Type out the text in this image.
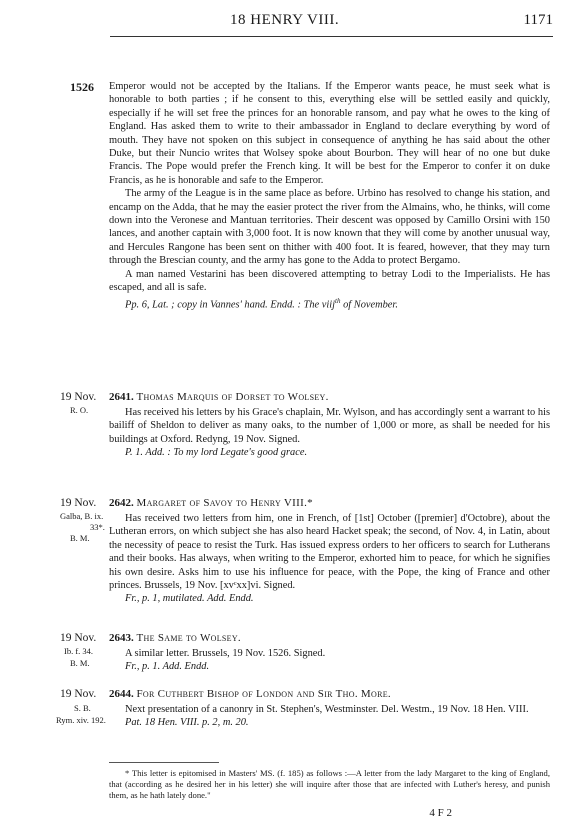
18 HENRY VIII.	1171
1526 Emperor would not be accepted by the Italians. If the Emperor wants peace, he must seek what is honorable to both parties ; if he consent to this, everything else will be settled easily and quickly, especially if he will set free the princes for an honorable ransom, and pay what he owes to the king of England. Has asked them to write to their ambassador in England to declare everything by word of mouth. They have not spoken on this subject in consequence of anything he has said about the other Duke, but their Nuncio writes that Wolsey spoke about Bourbon. They will hear of no one but duke Francis. The Pope would prefer the French king. It will be best for the Emperor to confer it on duke Francis, as he is honorable and safe to the Emperor.
The army of the League is in the same place as before. Urbino has resolved to change his station, and encamp on the Adda, that he may the easier protect the river from the Almains, who, he thinks, will come down into the Veronese and Mantuan territories. Their descent was opposed by Camillo Orsini with 150 lances, and another captain with 3,000 foot. It is now known that they will come by another unusual way, and Hercules Rangone has been sent on thither with 400 foot. It is feared, however, that they may turn through the Brescian county, and the army has gone to the Adda to protect Bergamo.
A man named Vestarini has been discovered attempting to betray Lodi to the Imperialists. He has escaped, and all is safe.
Pp. 6, Lat. ; copy in Vannes' hand. Endd. : The viij$^{th}$ of November.
19 Nov.
R. O.
2641. Thomas Marquis of Dorset to Wolsey.
Has received his letters by his Grace's chaplain, Mr. Wylson, and has accordingly sent a warrant to his bailiff of Sheldon to deliver as many oaks, to the number of 1,000 or more, as shall be needed for his buildings at Oxford. Redyng, 19 Nov. Signed.
P. 1. Add. : To my lord Legate's good grace.
19 Nov.
Galba, B. ix.
33*.
B. M.
2642. Margaret of Savoy to Henry VIII.*
Has received two letters from him, one in French, of [1st] October ([premier] d'Octobre), about the Lutheran errors, on which subject she has also heard Hacket speak; the second, of Nov. 4, in Latin, about the necessity of peace to resist the Turk. Has issued express orders to her officers to search for Lutherans and their books. Has always, when writing to the Emperor, exhorted him to peace, for which he signifies his own desire. Asks him to use his influence for peace, with the Pope, the king of France and other princes. Brussels, 19 Nov. [xvᶜxx]vi. Signed.
Fr., p. 1, mutilated. Add. Endd.
19 Nov.
Ib. f. 34.
B. M.
2643. The Same to Wolsey.
A similar letter. Brussels, 19 Nov. 1526. Signed.
Fr., p. 1. Add. Endd.
19 Nov.
S. B.
Rym. xiv. 192.
2644. For Cuthbert Bishop of London and Sir Tho. More.
Next presentation of a canonry in St. Stephen's, Westminster. Del. Westm., 19 Nov. 18 Hen. VIII.
Pat. 18 Hen. VIII. p. 2, m. 20.
* This letter is epitomised in Masters' MS. (f. 185) as follows :—A letter from the lady Margaret to the king of England, that (according as he desired her in his letter) she will inquire after those that are infected with Luther's heresy, and punish them, as he hath lately done."
4 F 2
